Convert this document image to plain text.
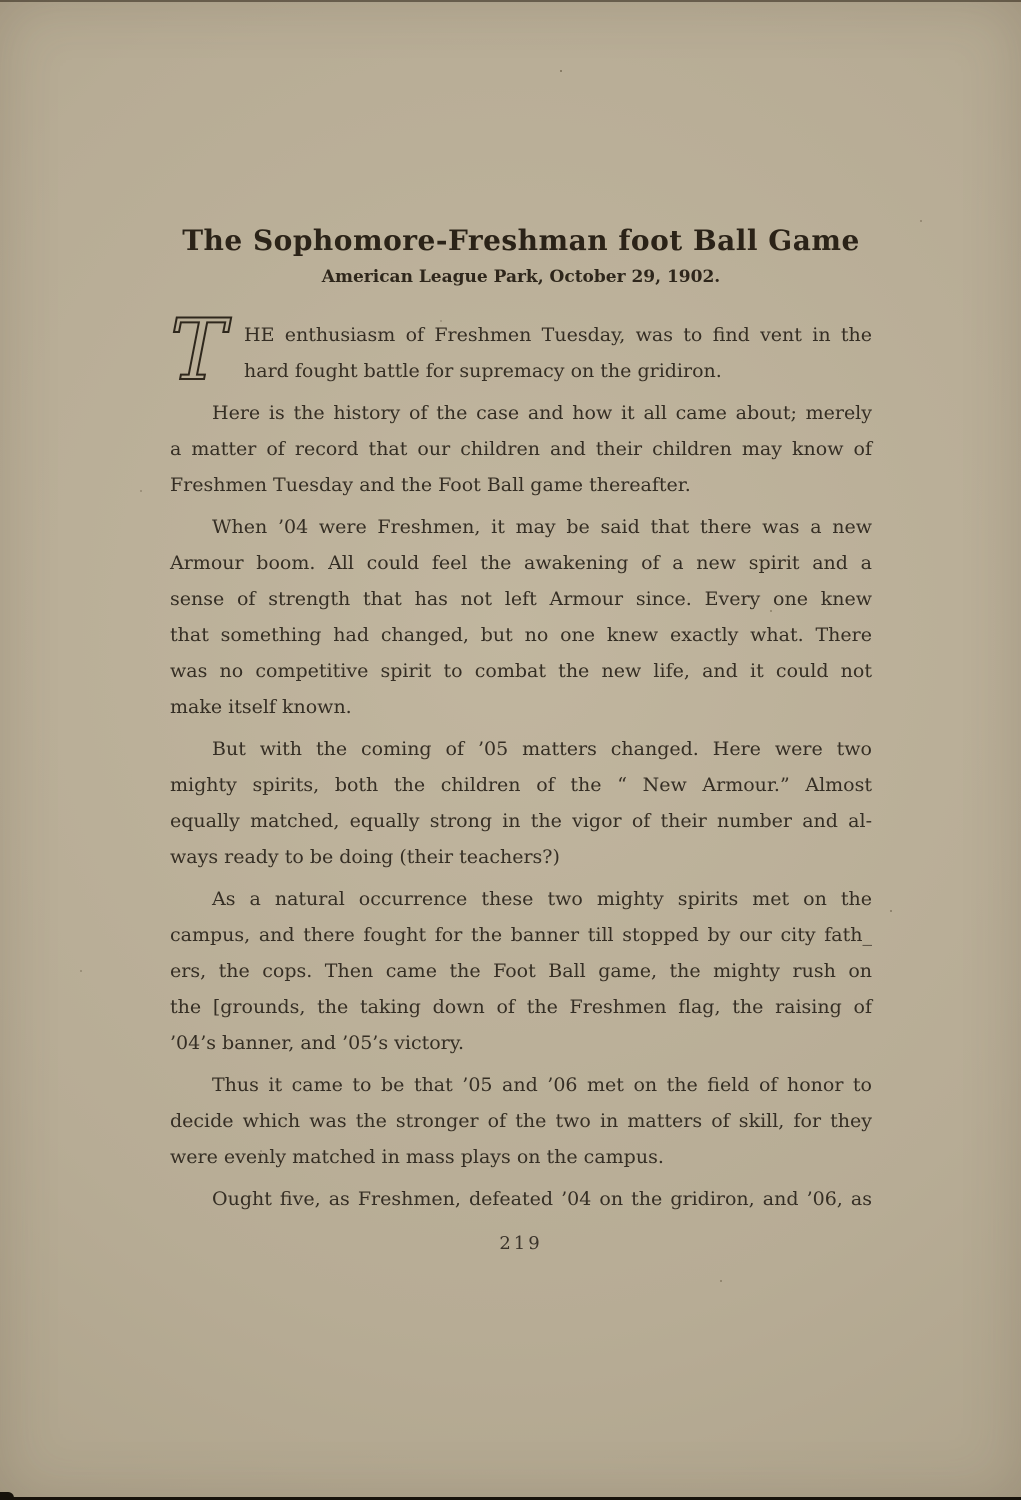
The Sophomore-Freshman foot Ball Game
American League Park, October 29, 1902.
T HE enthusiasm of Freshmen Tuesday, was to find vent in the
hard fought battle for supremacy on the gridiron.
Here is the history of the case and how it all came about; merely
a matter of record that our children and their children may know of
Freshmen Tuesday and the Foot Ball game thereafter.
When ’04 were Freshmen, it may be said that there was a new
Armour boom. All could feel the awakening of a new spirit and a
sense of strength that has not left Armour since. Every one knew
that something had changed, but no one knew exactly what. There
was no competitive spirit to combat the new life, and it could not
make itself known.
But with the coming of ’05 matters changed. Here were two
mighty spirits, both the children of the “ New Armour.” Almost
equally matched, equally strong in the vigor of their number and al-
ways ready to be doing (their teachers?)
As a natural occurrence these two mighty spirits met on the
campus, and there fought for the banner till stopped by our city fath_
ers, the cops. Then came the Foot Ball game, the mighty rush on
the [grounds, the taking down of the Freshmen flag, the raising of
’04’s banner, and ’05’s victory.
Thus it came to be that ’05 and ’06 met on the field of honor to
decide which was the stronger of the two in matters of skill, for they
were evenly matched in mass plays on the campus.
Ought five, as Freshmen, defeated ’04 on the gridiron, and ’06, as
219
